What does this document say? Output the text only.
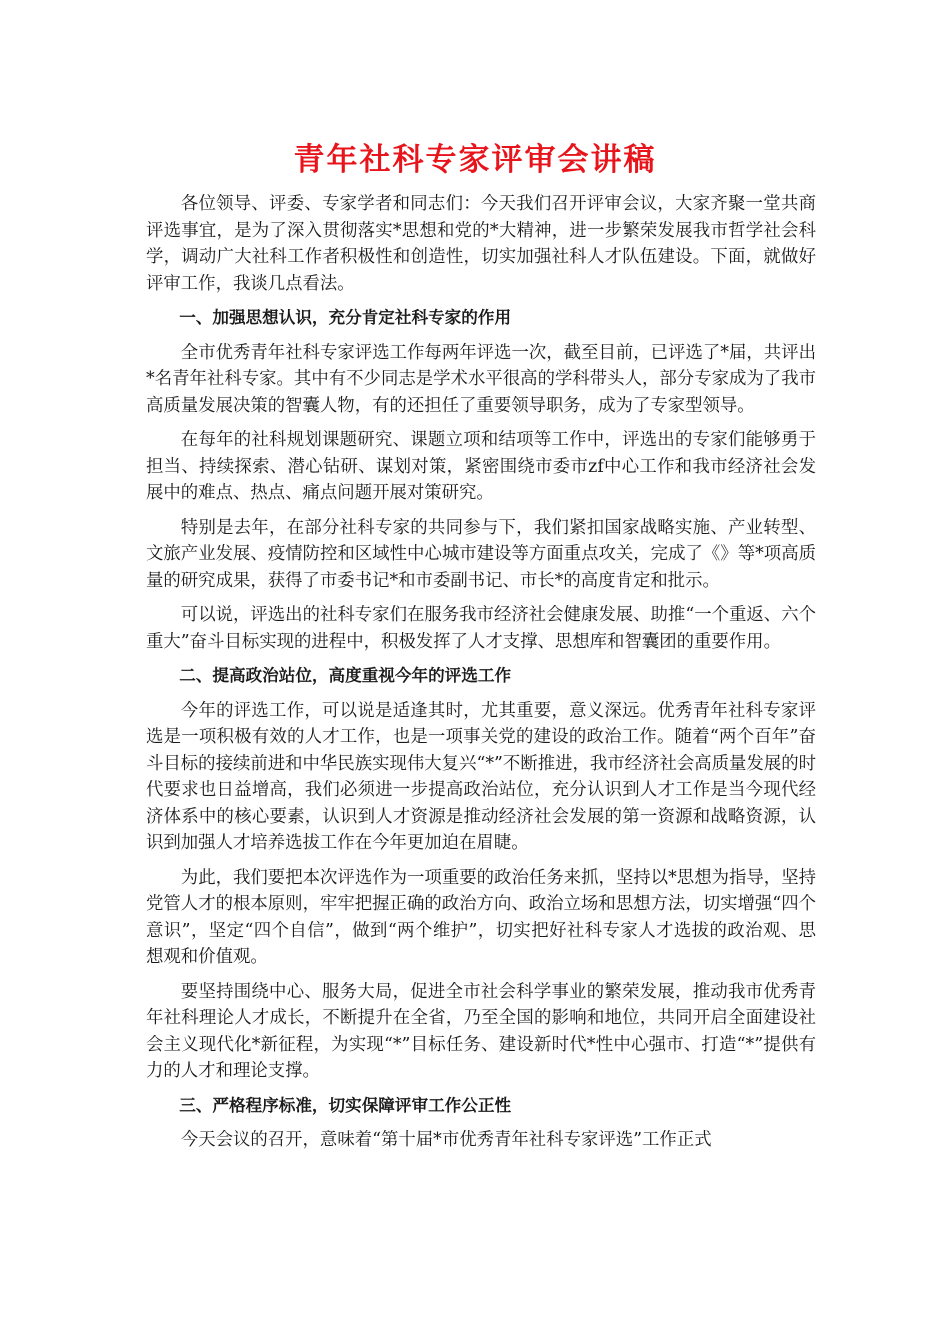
青年社科专家评审会讲稿

各位领导、评委、专家学者和同志们：今天我们召开评审会议，大家齐聚一堂共商评选事宜，是为了深入贯彻落实*思想和党的*大精神，进一步繁荣发展我市哲学社会科学，调动广大社科工作者积极性和创造性，切实加强社科人才队伍建设。下面，就做好评审工作，我谈几点看法。

一、加强思想认识，充分肯定社科专家的作用

全市优秀青年社科专家评选工作每两年评选一次，截至目前，已评选了*届，共评出*名青年社科专家。其中有不少同志是学术水平很高的学科带头人，部分专家成为了我市高质量发展决策的智囊人物，有的还担任了重要领导职务，成为了专家型领导。

在每年的社科规划课题研究、课题立项和结项等工作中，评选出的专家们能够勇于担当、持续探索、潜心钻研、谋划对策，紧密围绕市委市zf中心工作和我市经济社会发展中的难点、热点、痛点问题开展对策研究。

特别是去年，在部分社科专家的共同参与下，我们紧扣国家战略实施、产业转型、文旅产业发展、疫情防控和区域性中心城市建设等方面重点攻关，完成了《》等*项高质量的研究成果，获得了市委书记*和市委副书记、市长*的高度肯定和批示。

可以说，评选出的社科专家们在服务我市经济社会健康发展、助推“一个重返、六个重大”奋斗目标实现的进程中，积极发挥了人才支撑、思想库和智囊团的重要作用。

二、提高政治站位，高度重视今年的评选工作

今年的评选工作，可以说是适逢其时，尤其重要，意义深远。优秀青年社科专家评选是一项积极有效的人才工作，也是一项事关党的建设的政治工作。随着“两个百年”奋斗目标的接续前进和中华民族实现伟大复兴“*”不断推进，我市经济社会高质量发展的时代要求也日益增高，我们必须进一步提高政治站位，充分认识到人才工作是当今现代经济体系中的核心要素，认识到人才资源是推动经济社会发展的第一资源和战略资源，认识到加强人才培养选拔工作在今年更加迫在眉睫。

为此，我们要把本次评选作为一项重要的政治任务来抓，坚持以*思想为指导，坚持党管人才的根本原则，牢牢把握正确的政治方向、政治立场和思想方法，切实增强“四个意识”，坚定“四个自信”，做到“两个维护”，切实把好社科专家人才选拔的政治观、思想观和价值观。

要坚持围绕中心、服务大局，促进全市社会科学事业的繁荣发展，推动我市优秀青年社科理论人才成长，不断提升在全省，乃至全国的影响和地位，共同开启全面建设社会主义现代化*新征程，为实现“*”目标任务、建设新时代*性中心强市、打造“*”提供有力的人才和理论支撑。

三、严格程序标准，切实保障评审工作公正性

今天会议的召开，意味着“第十届*市优秀青年社科专家评选”工作正式
